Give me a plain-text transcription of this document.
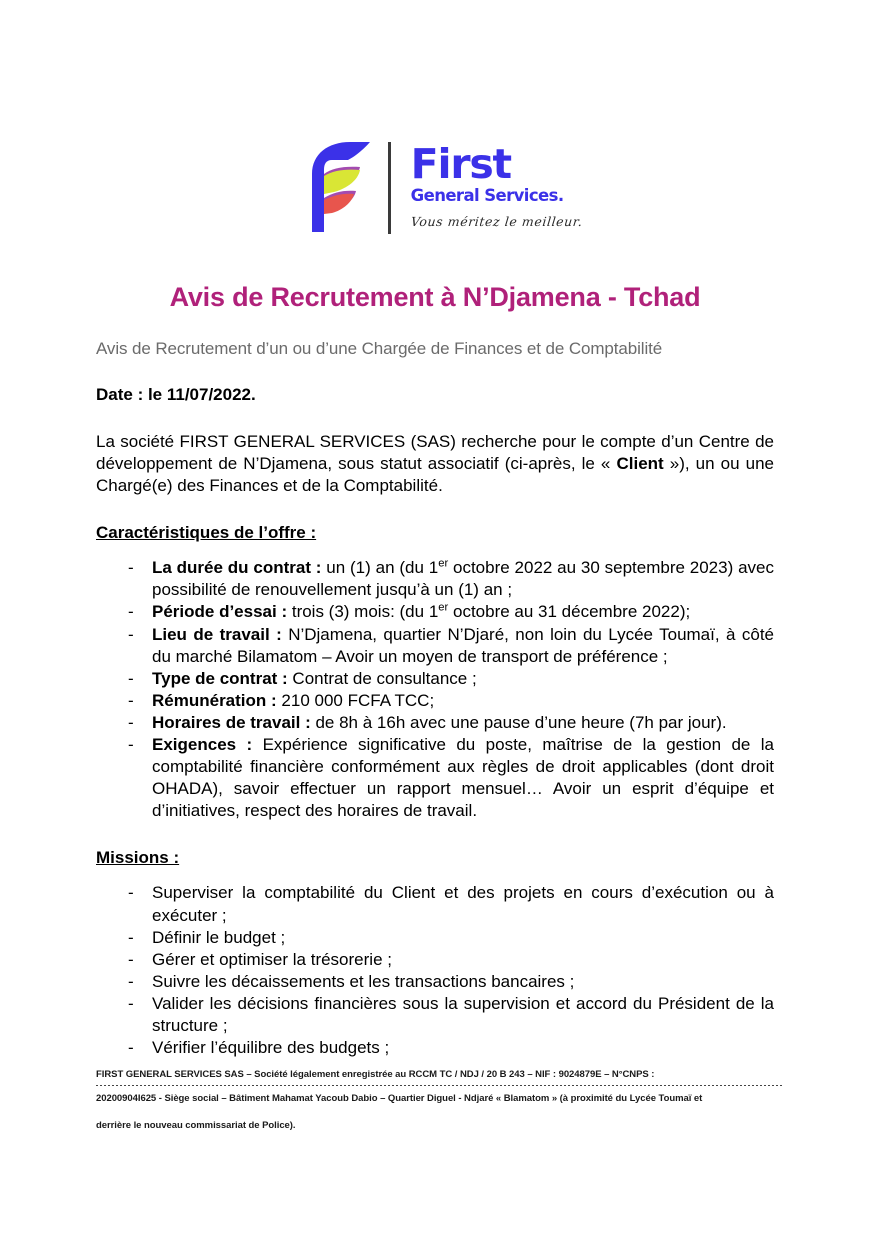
First
General Services.
Vous méritez le meilleur.
Avis de Recrutement à N’Djamena - Tchad
Avis de Recrutement d’un ou d’une Chargée de Finances et de Comptabilité
Date : le 11/07/2022.

La société FIRST GENERAL SERVICES (SAS) recherche pour le compte d’un Centre de développement de N’Djamena, sous statut associatif (ci-après, le « Client »), un ou une Chargé(e) des Finances et de la Comptabilité.

Caractéristiques de l’offre :
- La durée du contrat : un (1) an (du 1er octobre 2022 au 30 septembre 2023) avec possibilité de renouvellement jusqu’à un (1) an ;
- Période d’essai : trois (3) mois: (du 1er octobre au 31 décembre 2022);
- Lieu de travail : N’Djamena, quartier N’Djaré, non loin du Lycée Toumaï, à côté du marché Bilamatom – Avoir un moyen de transport de préférence ;
- Type de contrat : Contrat de consultance ;
- Rémunération : 210 000 FCFA TCC;
- Horaires de travail : de 8h à 16h avec une pause d’une heure (7h par jour).
- Exigences : Expérience significative du poste, maîtrise de la gestion de la comptabilité financière conformément aux règles de droit applicables (dont droit OHADA), savoir effectuer un rapport mensuel… Avoir un esprit d’équipe et d’initiatives, respect des horaires de travail.
Missions :
- Superviser la comptabilité du Client et des projets en cours d’exécution ou à exécuter ;
- Définir le budget ;
- Gérer et optimiser la trésorerie ;
- Suivre les décaissements et les transactions bancaires ;
- Valider les décisions financières sous la supervision et accord du Président de la structure ;
- Vérifier l’équilibre des budgets ;
FIRST GENERAL SERVICES SAS – Société légalement enregistrée au RCCM TC / NDJ / 20 B 243 – NIF : 9024879E – N°CNPS :
20200904I625 - Siège social – Bâtiment Mahamat Yacoub Dabio – Quartier Diguel - Ndjaré « Blamatom » (à proximité du Lycée Toumaï et
derrière le nouveau commissariat de Police).
